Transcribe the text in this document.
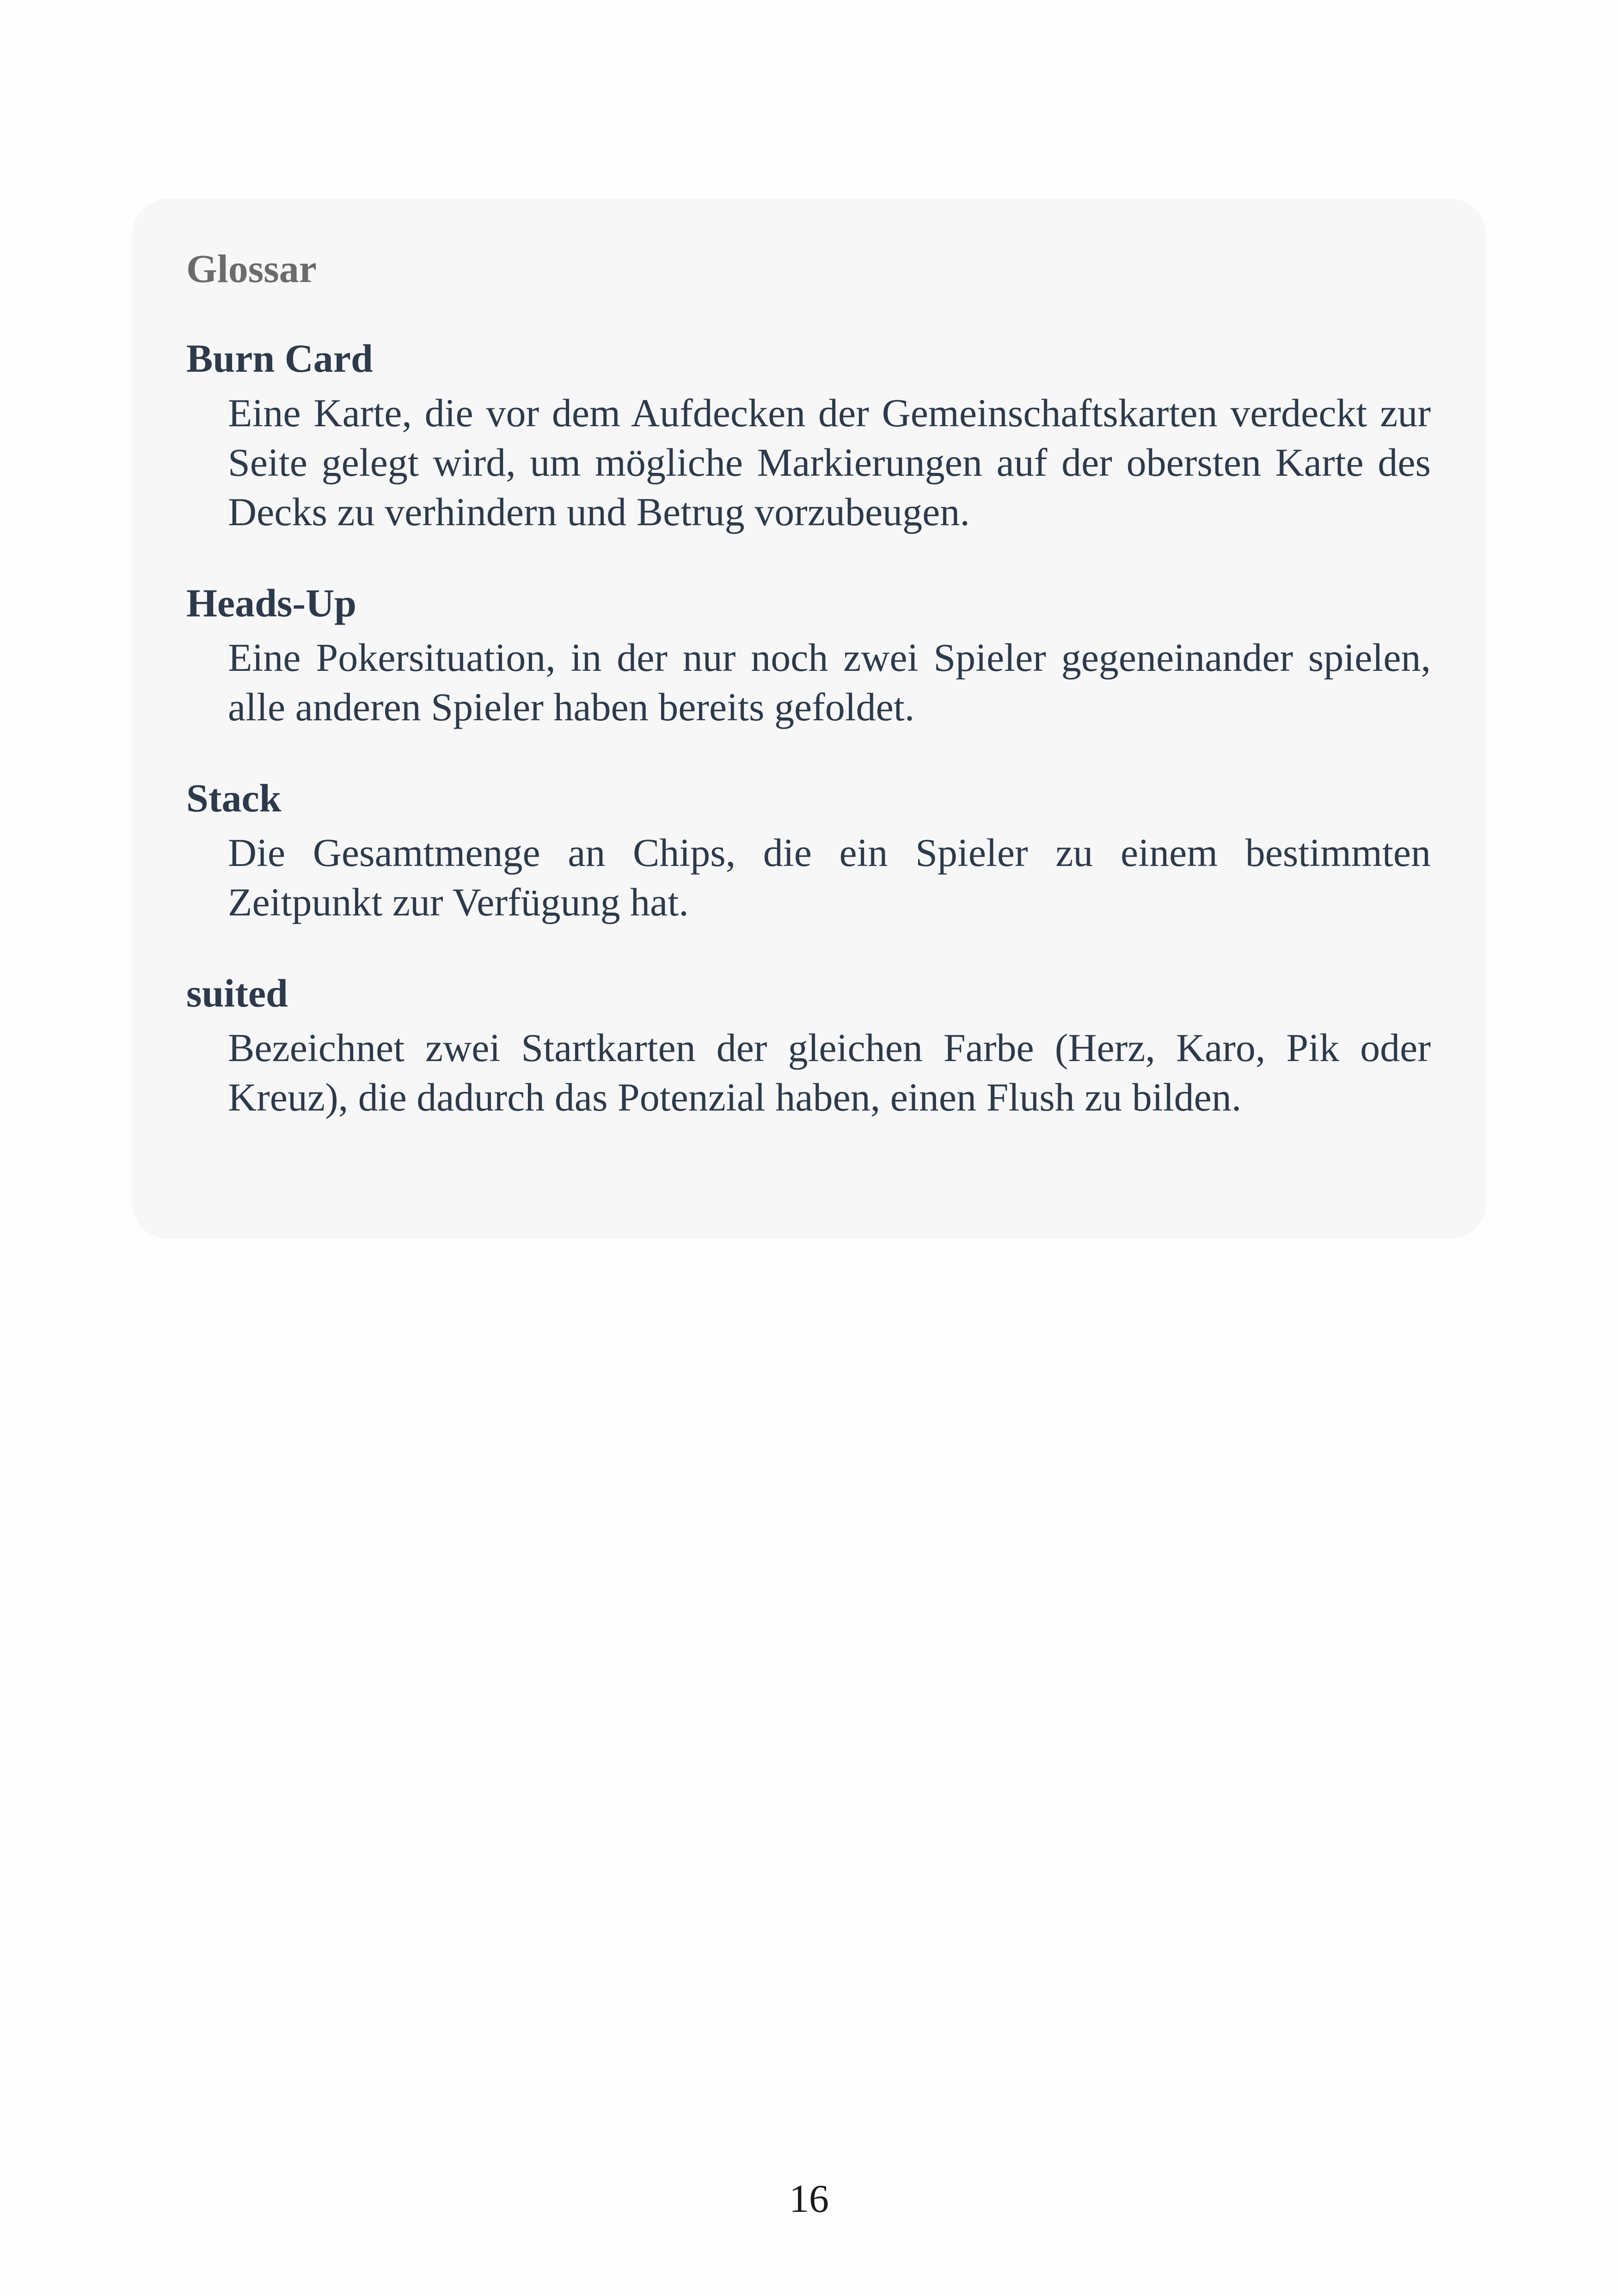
Glossar
Burn Card
Eine Karte, die vor dem Aufdecken der Gemeinschaftskarten verdeckt zur Seite gelegt wird, um mögliche Markierungen auf der obersten Karte des Decks zu verhindern und Betrug vorzubeugen.
Heads-Up
Eine Pokersituation, in der nur noch zwei Spieler gegeneinander spielen, alle anderen Spieler haben bereits gefoldet.
Stack
Die Gesamtmenge an Chips, die ein Spieler zu einem bestimmten Zeitpunkt zur Verfügung hat.
suited
Bezeichnet zwei Startkarten der gleichen Farbe (Herz, Karo, Pik oder Kreuz), die dadurch das Potenzial haben, einen Flush zu bilden.
16
